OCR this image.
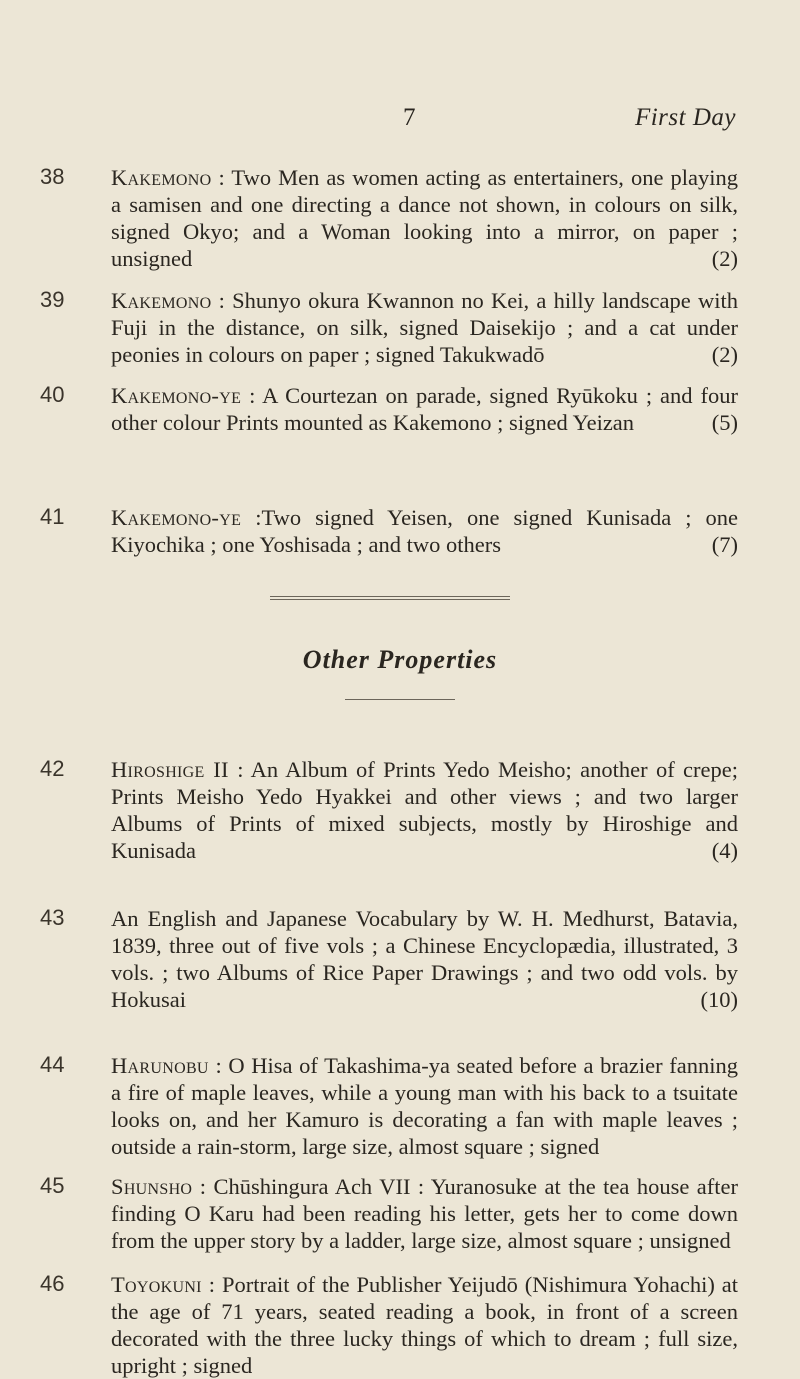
7	First Day
38 Kakemono : Two Men as women acting as entertainers, one playing a samisen and one directing a dance not shown, in colours on silk, signed Okyo; and a Woman looking into a mirror, on paper ; unsigned	(2)
39 Kakemono : Shunyo okura Kwannon no Kei, a hilly landscape with Fuji in the distance, on silk, signed Daisekijo ; and a cat under peonies in colours on paper ; signed Takukwadō	(2)
40 Kakemono-ye : A Courtezan on parade, signed Ryūkoku ; and four other colour Prints mounted as Kakemono ; signed Yeizan	(5)
41 Kakemono-ye :Two signed Yeisen, one signed Kunisada ; one Kiyochika ; one Yoshisada ; and two others	(7)
Other Properties
42 Hiroshige II : An Album of Prints Yedo Meisho; another of crepe; Prints Meisho Yedo Hyakkei and other views ; and two larger Albums of Prints of mixed subjects, mostly by Hiroshige and Kunisada	(4)
43 An English and Japanese Vocabulary by W. H. Medhurst, Batavia, 1839, three out of five vols ; a Chinese Encyclopædia, illustrated, 3 vols. ; two Albums of Rice Paper Drawings ; and two odd vols. by Hokusai	(10)
44 Harunobu : O Hisa of Takashima-ya seated before a brazier fanning a fire of maple leaves, while a young man with his back to a tsuitate looks on, and her Kamuro is decorating a fan with maple leaves ; outside a rain-storm, large size, almost square ; signed
45 Shunsho : Chūshingura Ach VII : Yuranosuke at the tea house after finding O Karu had been reading his letter, gets her to come down from the upper story by a ladder, large size, almost square ; unsigned
46 Toyokuni : Portrait of the Publisher Yeijudō (Nishimura Yohachi) at the age of 71 years, seated reading a book, in front of a screen decorated with the three lucky things of which to dream ; full size, upright ; signed
